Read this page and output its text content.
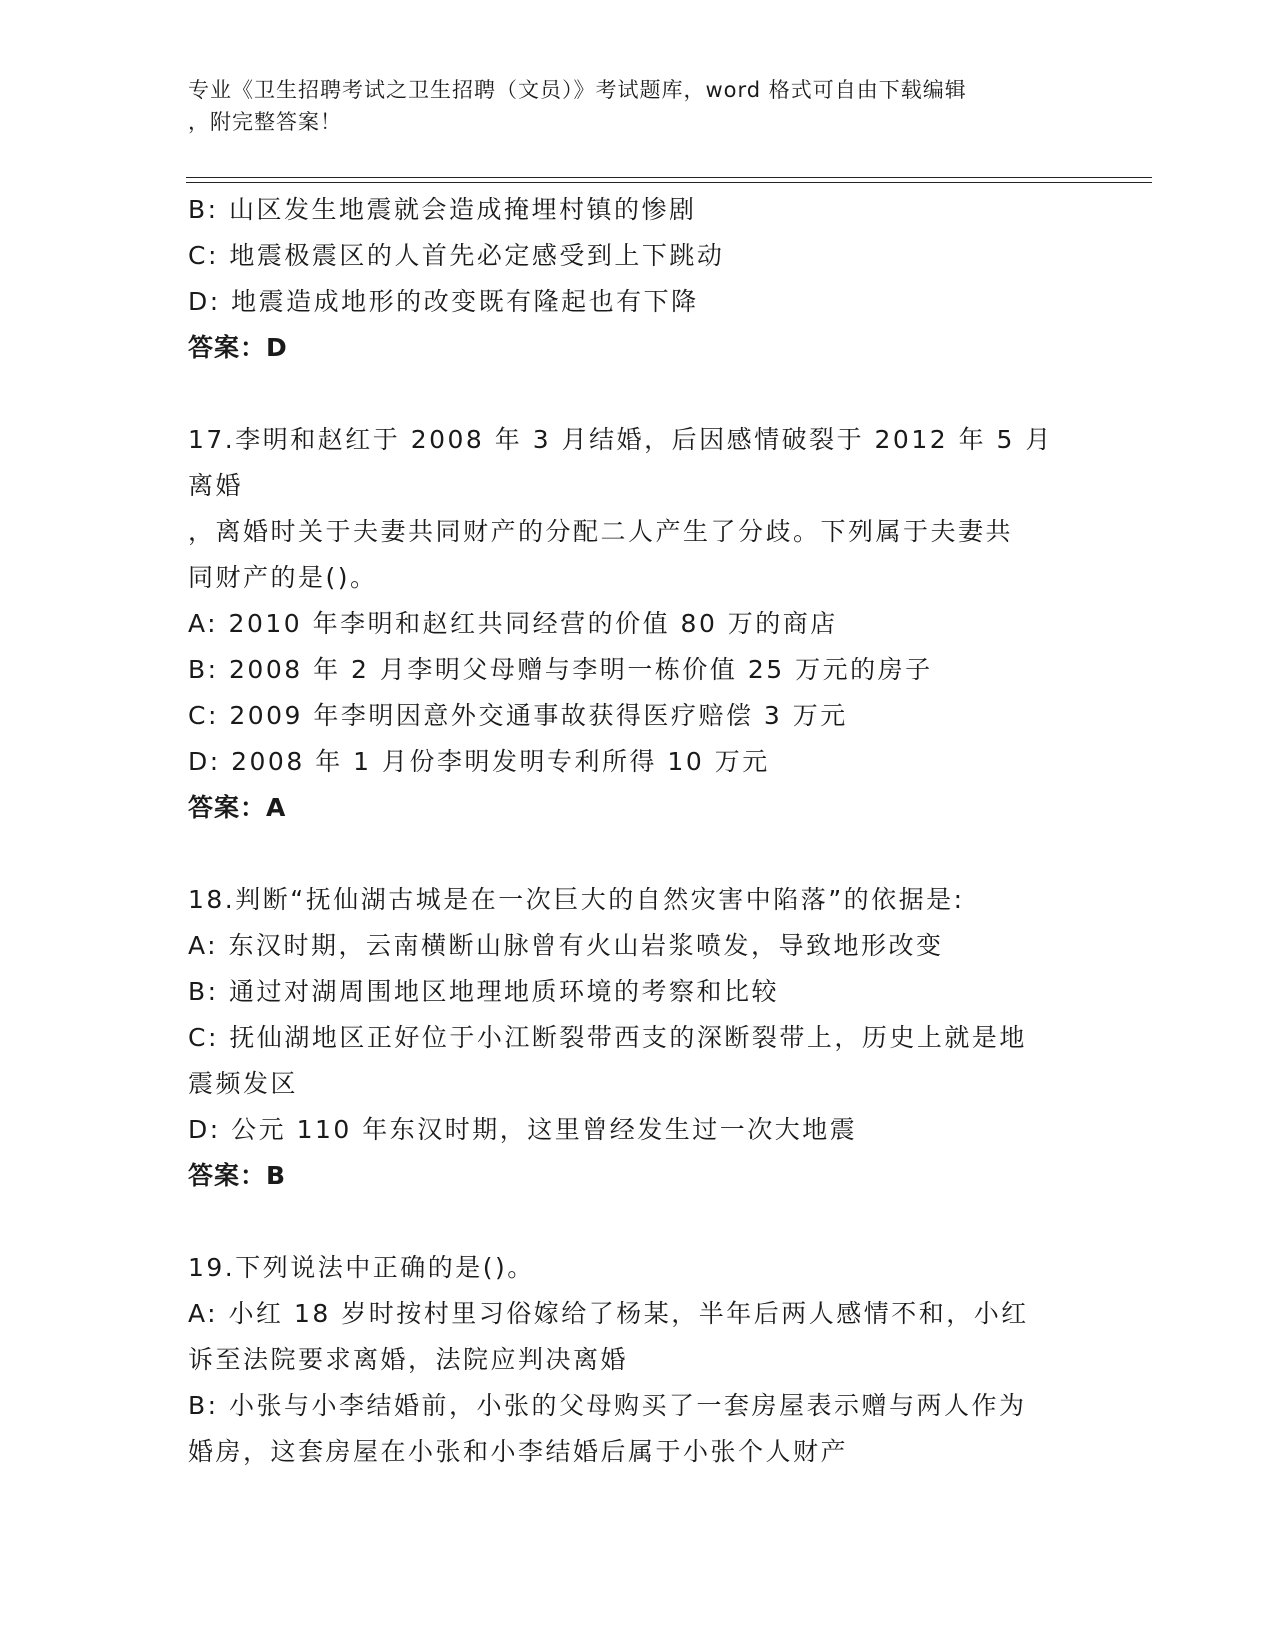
专业《卫生招聘考试之卫生招聘（文员）》考试题库，word 格式可自由下载编辑
，附完整答案！
B: 山区发生地震就会造成掩埋村镇的惨剧
C: 地震极震区的人首先必定感受到上下跳动
D: 地震造成地形的改变既有隆起也有下降
答案：D
17.李明和赵红于 2008 年 3 月结婚，后因感情破裂于 2012 年 5 月离婚
，离婚时关于夫妻共同财产的分配二人产生了分歧。下列属于夫妻共
同财产的是()。
A: 2010 年李明和赵红共同经营的价值 80 万的商店
B: 2008 年 2 月李明父母赠与李明一栋价值 25 万元的房子
C: 2009 年李明因意外交通事故获得医疗赔偿 3 万元
D: 2008 年 1 月份李明发明专利所得 10 万元
答案：A
18.判断“抚仙湖古城是在一次巨大的自然灾害中陷落”的依据是:
A: 东汉时期，云南横断山脉曾有火山岩浆喷发，导致地形改变
B: 通过对湖周围地区地理地质环境的考察和比较
C: 抚仙湖地区正好位于小江断裂带西支的深断裂带上，历史上就是地
震频发区
D: 公元 110 年东汉时期，这里曾经发生过一次大地震
答案：B
19.下列说法中正确的是()。
A: 小红 18 岁时按村里习俗嫁给了杨某，半年后两人感情不和，小红
诉至法院要求离婚，法院应判决离婚
B: 小张与小李结婚前，小张的父母购买了一套房屋表示赠与两人作为
婚房，这套房屋在小张和小李结婚后属于小张个人财产
